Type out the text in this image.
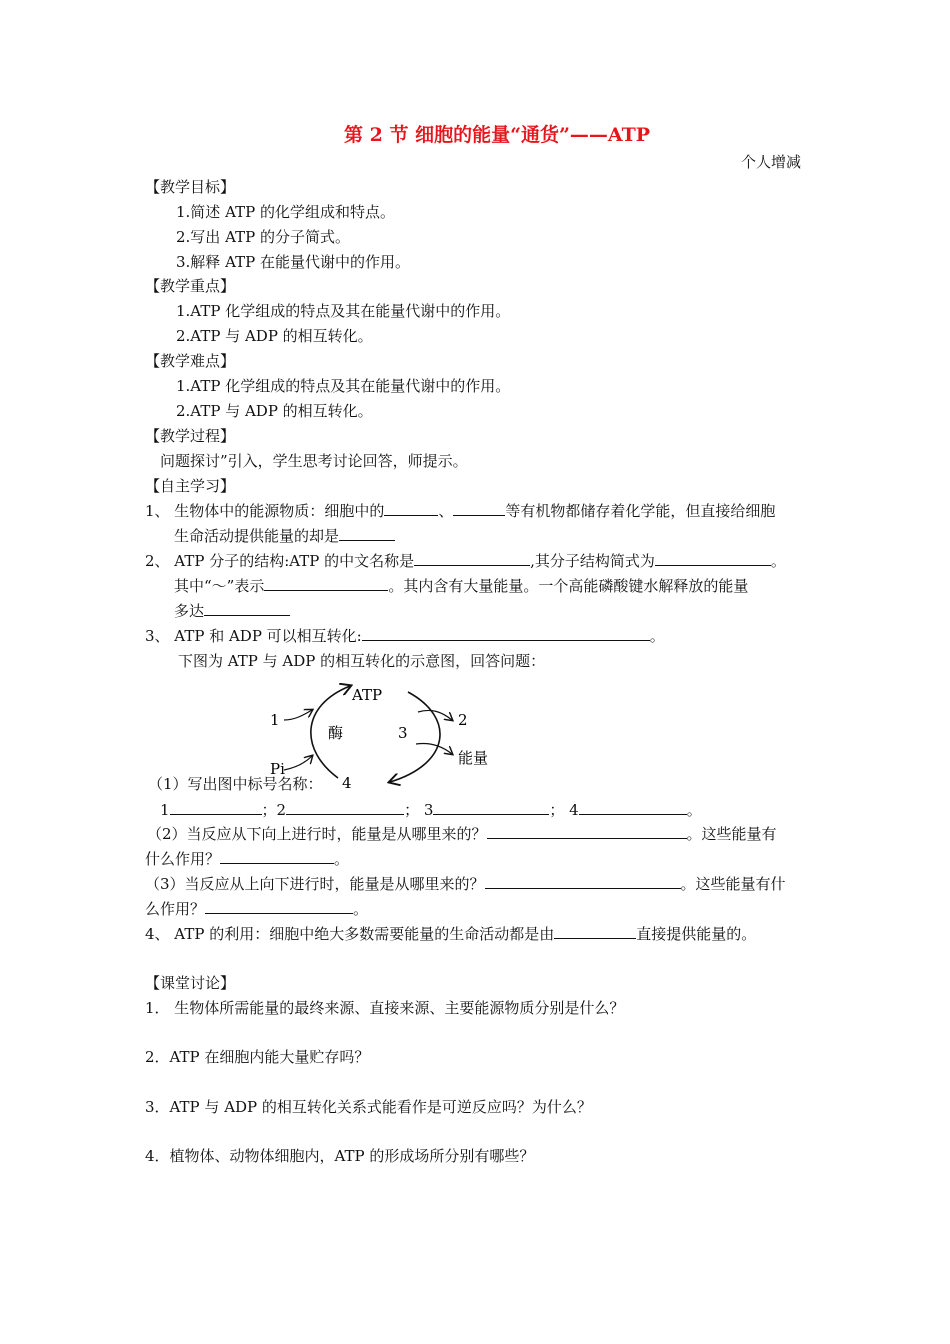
第 2 节 细胞的能量“通货”——ATP
个人增减
【教学目标】
1.简述 ATP 的化学组成和特点。
2.写出 ATP 的分子简式。
3.解释 ATP 在能量代谢中的作用。
【教学重点】
1.ATP 化学组成的特点及其在能量代谢中的作用。
2.ATP 与 ADP 的相互转化。
【教学难点】
1.ATP 化学组成的特点及其在能量代谢中的作用。
2.ATP 与 ADP 的相互转化。
【教学过程】
问题探讨”引入，学生思考讨论回答，师提示。
【自主学习】
1、 生物体中的能源物质：细胞中的	、	等有机物都储存着化学能，但直接给细胞
生命活动提供能量的却是
2、 ATP 分子的结构:ATP 的中文名称是	,其分子结构简式为	。
其中“～”表示	。其内含有大量能量。一个高能磷酸键水解释放的能量
多达
3、 ATP 和 ADP 可以相互转化:	。
下图为 ATP 与 ADP 的相互转化的示意图，回答问题：
ATP
1
酶	3
2
能量
Pi
4
（1）写出图中标号名称：
1	；2	； 3	； 4	。
（2）当反应从下向上进行时，能量是从哪里来的？	。这些能量有
什么作用？	。
（3）当反应从上向下进行时，能量是从哪里来的？	。这些能量有什
么作用？	。
4、 ATP 的利用：细胞中绝大多数需要能量的生命活动都是由	直接提供能量的。
【课堂讨论】
1． 生物体所需能量的最终来源、直接来源、主要能源物质分别是什么？
2．ATP 在细胞内能大量贮存吗？
3．ATP 与 ADP 的相互转化关系式能看作是可逆反应吗？为什么？
4．植物体、动物体细胞内，ATP 的形成场所分别有哪些？
